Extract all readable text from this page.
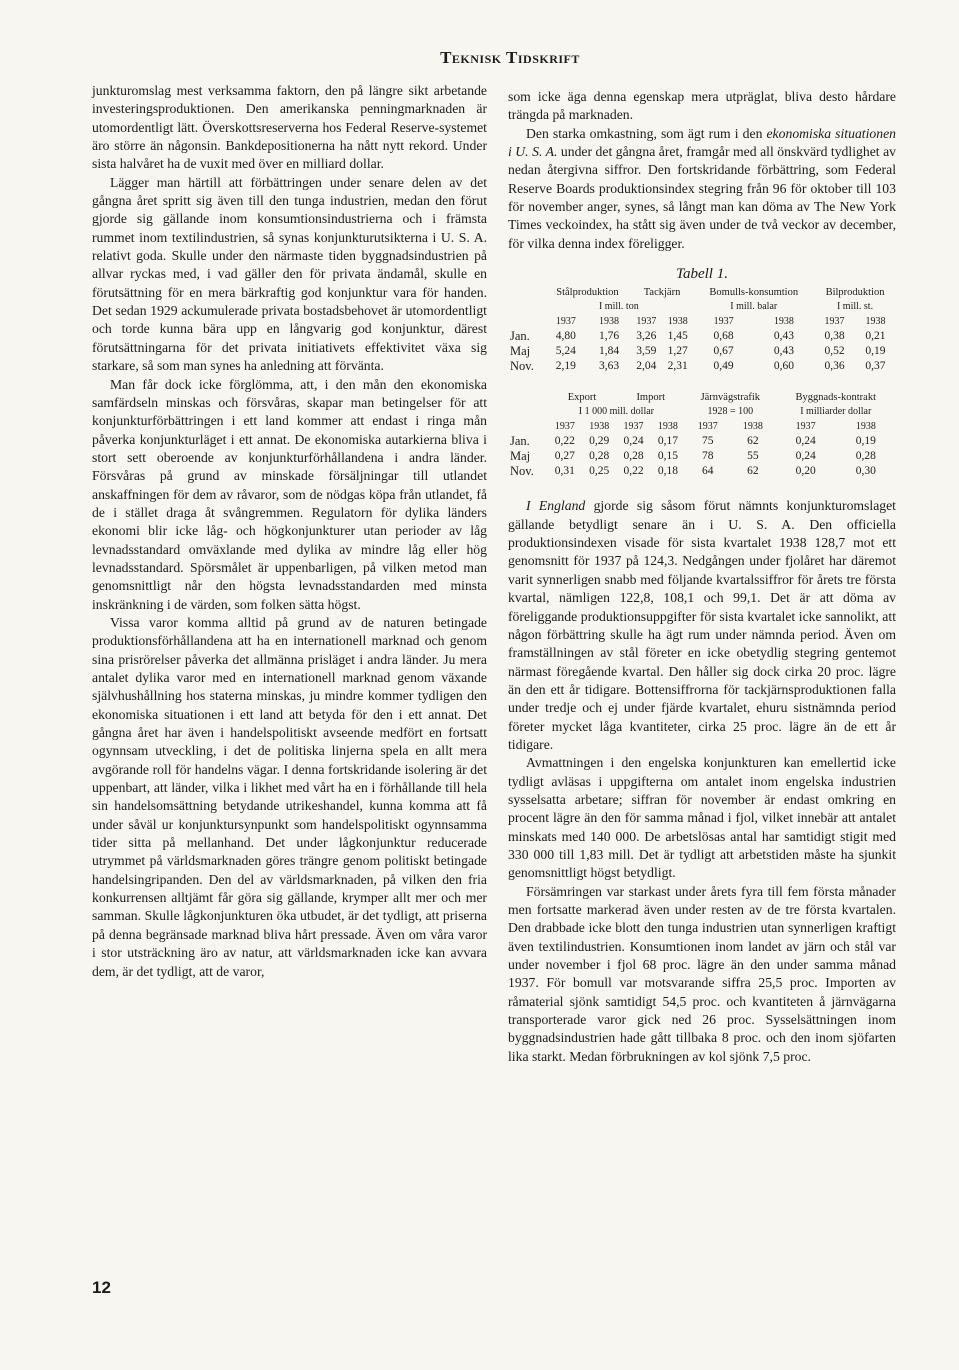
Teknisk Tidskrift

junkturomslag mest verksamma faktorn, den på längre sikt arbetande investeringsproduktionen. Den amerikanska penningmarknaden är utomordentligt lätt. Överskottsreserverna hos Federal Reserve-systemet äro större än någonsin. Bankdepositionerna ha nått nytt rekord. Under sista halvåret ha de vuxit med över en milliard dollar.

Lägger man härtill att förbättringen under senare delen av det gångna året spritt sig även till den tunga industrien, medan den förut gjorde sig gällande inom konsumtionsindustrierna och i främsta rummet inom textilindustrien, så synas konjunkturutsikterna i U. S. A. relativt goda. Skulle under den närmaste tiden byggnadsindustrien på allvar ryckas med, i vad gäller den för privata ändamål, skulle en förutsättning för en mera bärkraftig god konjunktur vara för handen. Det sedan 1929 ackumulerade privata bostadsbehovet är utomordentligt och torde kunna bära upp en långvarig god konjunktur, därest förutsättningarna för det privata initiativets effektivitet växa sig starkare, så som man synes ha anledning att förvänta.

Man får dock icke förglömma, att, i den mån den ekonomiska samfärdseln minskas och försvåras, skapar man betingelser för att konjunkturförbättringen i ett land kommer att endast i ringa mån påverka konjunkturläget i ett annat. De ekonomiska autarkierna bliva i stort sett oberoende av konjunkturförhållandena i andra länder. Försvåras på grund av minskade försäljningar till utlandet anskaffningen för dem av råvaror, som de nödgas köpa från utlandet, få de i stället draga åt svångremmen. Regulatorn för dylika länders ekonomi blir icke låg- och högkonjunkturer utan perioder av låg levnadsstandard omväxlande med dylika av mindre låg eller hög levnadsstandard. Spörsmålet är uppenbarligen, på vilken metod man genomsnittligt når den högsta levnadsstandarden med minsta inskränkning i de värden, som folken sätta högst.

Vissa varor komma alltid på grund av de naturen betingade produktionsförhållandena att ha en internationell marknad och genom sina prisrörelser påverka det allmänna prisläget i andra länder. Ju mera antalet dylika varor med en internationell marknad genom växande självhushållning hos staterna minskas, ju mindre kommer tydligen den ekonomiska situationen i ett land att betyda för den i ett annat. Det gångna året har även i handelspolitiskt avseende medfört en fortsatt ogynnsam utveckling, i det de politiska linjerna spela en allt mera avgörande roll för handelns vägar. I denna fortskridande isolering är det uppenbart, att länder, vilka i likhet med vårt ha en i förhållande till hela sin handelsomsättning betydande utrikeshandel, kunna komma att få under såväl ur konjunktursynpunkt som handelspolitiskt ogynnsamma tider sitta på mellanhand. Det under lågkonjunktur reducerade utrymmet på världsmarknaden göres trängre genom politiskt betingade handelsingripanden. Den del av världsmarknaden, på vilken den fria konkurrensen alltjämt får göra sig gällande, krymper allt mer och mer samman. Skulle lågkonjunkturen öka utbudet, är det tydligt, att priserna på denna begränsade marknad bliva hårt pressade. Även om våra varor i stor utsträckning äro av natur, att världsmarknaden icke kan avvara dem, är det tydligt, att de varor,

som icke äga denna egenskap mera utpräglat, bliva desto hårdare trängda på marknaden.

Den starka omkastning, som ägt rum i den ekonomiska situationen i U. S. A. under det gångna året, framgår med all önskvärd tydlighet av nedan återgivna siffror. Den fortskridande förbättring, som Federal Reserve Boards produktionsindex stegring från 96 för oktober till 103 för november anger, synes, så långt man kan döma av The New York Times veckoindex, ha stått sig även under de två veckor av december, för vilka denna index föreligger.

Tabell 1.
	Stålproduktion		Tackjärn		Bomulls-konsumtion		Bilproduktion	
	I mill. ton				I mill. balar		I mill. st.	
	1937	1938	1937	1938	1937	1938	1937	1938
Jan.	4,80	1,76	3,26	1,45	0,68	0,43	0,38	0,21
Maj	5,24	1,84	3,59	1,27	0,67	0,43	0,52	0,19
Nov.	2,19	3,63	2,04	2,31	0,49	0,60	0,36	0,37
	Export		Import		Järnvägstrafik		Byggnads-kontrakt	
	I 1 000 mill. dollar				1928 = 100		I milliarder dollar	
	1937	1938	1937	1938	1937	1938	1937	1938
Jan.	0,22	0,29	0,24	0,17	75	62	0,24	0,19
Maj	0,27	0,28	0,28	0,15	78	55	0,24	0,28
Nov.	0,31	0,25	0,22	0,18	64	62	0,20	0,30

I England gjorde sig såsom förut nämnts konjunkturomslaget gällande betydligt senare än i U. S. A. Den officiella produktionsindexen visade för sista kvartalet 1938 128,7 mot ett genomsnitt för 1937 på 124,3. Nedgången under fjolåret har däremot varit synnerligen snabb med följande kvartalssiffror för årets tre första kvartal, nämligen 122,8, 108,1 och 99,1. Det är att döma av föreliggande produktionsuppgifter för sista kvartalet icke sannolikt, att någon förbättring skulle ha ägt rum under nämnda period. Även om framställningen av stål företer en icke obetydlig stegring gentemot närmast föregående kvartal. Den håller sig dock cirka 20 proc. lägre än den ett år tidigare. Bottensiffrorna för tackjärnsproduktionen falla under tredje och ej under fjärde kvartalet, ehuru sistnämnda period företer mycket låga kvantiteter, cirka 25 proc. lägre än de ett år tidigare.

Avmattningen i den engelska konjunkturen kan emellertid icke tydligt avläsas i uppgifterna om antalet inom engelska industrien sysselsatta arbetare; siffran för november är endast omkring en procent lägre än den för samma månad i fjol, vilket innebär att antalet minskats med 140 000. De arbetslösas antal har samtidigt stigit med 330 000 till 1,83 mill. Det är tydligt att arbetstiden måste ha sjunkit genomsnittligt högst betydligt.

Försämringen var starkast under årets fyra till fem första månader men fortsatte markerad även under resten av de tre första kvartalen. Den drabbade icke blott den tunga industrien utan synnerligen kraftigt även textilindustrien. Konsumtionen inom landet av järn och stål var under november i fjol 68 proc. lägre än den under samma månad 1937. För bomull var motsvarande siffra 25,5 proc. Importen av råmaterial sjönk samtidigt 54,5 proc. och kvantiteten å järnvägarna transporterade varor gick ned 26 proc. Sysselsättningen inom byggnadsindustrien hade gått tillbaka 8 proc. och den inom sjöfarten lika starkt. Medan förbrukningen av kol sjönk 7,5 proc.

12
